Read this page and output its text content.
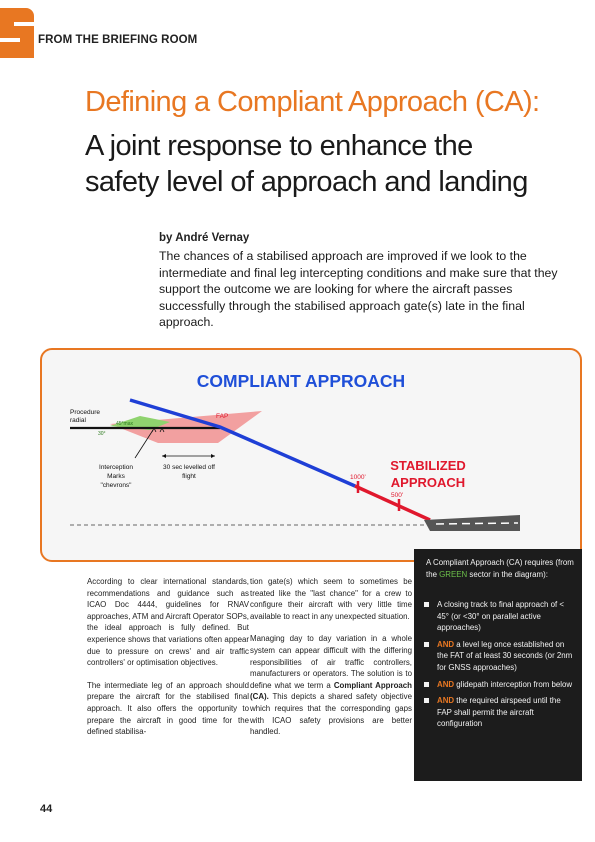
FROM THE BRIEFING ROOM
Defining a Compliant Approach (CA):
A joint response to enhance the
safety level of approach and landing
by André Vernay
The chances of a stabilised approach are improved if we look to the intermediate and final leg intercepting conditions and make sure that they support the outcome we are looking for where the aircraft passes successfully through the stabilised approach gate(s) late in the final approach.
COMPLIANT APPROACH
Procedure radial	45°max
30°
FAP
Interception Marks "chevrons"
30 sec levelled off flight	1000'
500'
STABILIZED
APPROACH

According to clear international standards, recommendations and guidance such as ICAO Doc 4444, guidelines for RNAV approaches, ATM and Aircraft Operator SOPs, the ideal approach is fully defined. But experience shows that variations often appear due to pressure on crews' and air traffic controllers' or optimisation objectives.

The intermediate leg of an approach should prepare the aircraft for the stabilised final approach. It also offers the opportunity to prepare the aircraft in good time for the defined stabilisa-

tion gate(s) which seem to sometimes be treated like the "last chance" for a crew to configure their aircraft with very little time available to react in any unexpected situation.

Managing day to day variation in a whole system can appear difficult with the differing responsibilities of air traffic controllers, manufacturers or operators. The solution is to define what we term a Compliant Approach (CA). This depicts a shared safety objective which requires that the corresponding gaps with ICAO safety provisions are better handled.

A Compliant Approach (CA) requires (from the GREEN sector in the diagram):
A closing track to final approach of < 45° (or <30° on parallel active approaches)
AND a level leg once established on the FAT of at least 30 seconds (or 2nm for GNSS approaches)
AND glidepath interception from below
AND the required airspeed until the FAP shall permit the aircraft configuration
44
